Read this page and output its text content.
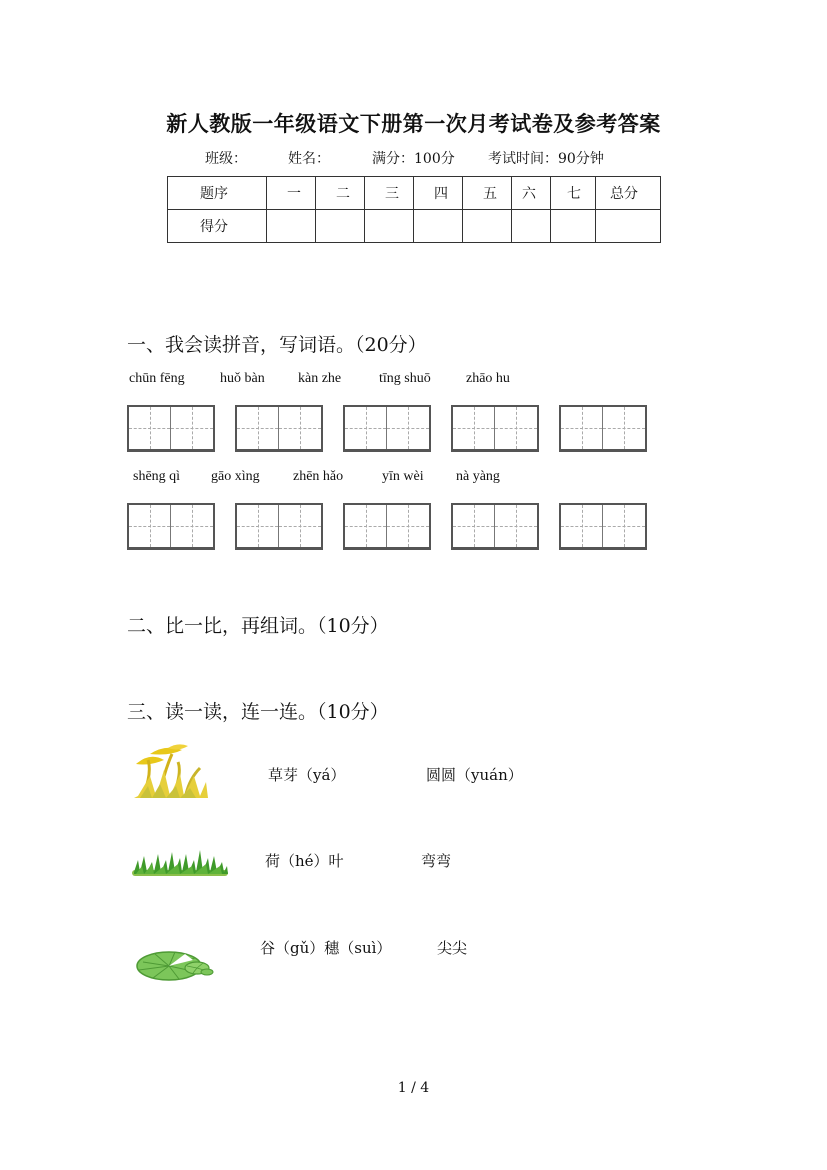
新人教版一年级语文下册第一次月考试卷及参考答案
班级：	姓名：	满分：100分 考试时间：90分钟
题序	一	二	三	四	五	六	七	总分
得分								
一、我会读拼音，写词语。（20分）
chūn fēng	huǒ bàn kàn zhe	tīng shuō	zhāo hu
shēng qì gāo xìng zhēn hǎo	yīn wèi nà yàng
二、比一比，再组词。（10分）
三、读一读，连一连。（10分）
草芽（yá）
荷（hé）叶
谷（gǔ）穗（suì）
圆圆（yuán）
弯弯
尖尖
1 / 4
